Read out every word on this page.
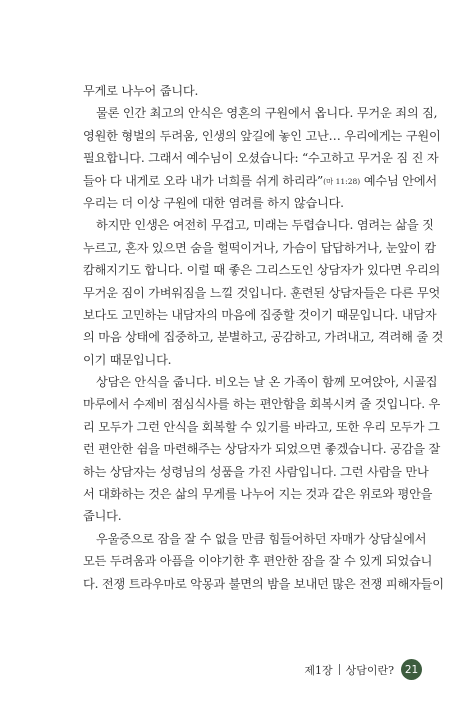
무게로 나누어 줍니다.
물론 인간 최고의 안식은 영혼의 구원에서 옵니다. 무거운 죄의 짐,
영원한 형벌의 두려움, 인생의 앞길에 놓인 고난… 우리에게는 구원이
필요합니다. 그래서 예수님이 오셨습니다: “수고하고 무거운 짐 진 자
들아 다 내게로 오라 내가 너희를 쉬게 하리라”(마 11:28) 예수님 안에서
우리는 더 이상 구원에 대한 염려를 하지 않습니다.
하지만 인생은 여전히 무겁고, 미래는 두렵습니다. 염려는 삶을 짓
누르고, 혼자 있으면 숨을 헐떡이거나, 가슴이 답답하거나, 눈앞이 캄
캄해지기도 합니다. 이럴 때 좋은 그리스도인 상담자가 있다면 우리의
무거운 짐이 가벼워짐을 느낄 것입니다. 훈련된 상담자들은 다른 무엇
보다도 고민하는 내담자의 마음에 집중할 것이기 때문입니다. 내담자
의 마음 상태에 집중하고, 분별하고, 공감하고, 가려내고, 격려해 줄 것
이기 때문입니다.
상담은 안식을 줍니다. 비오는 날 온 가족이 함께 모여앉아, 시골집
마루에서 수제비 점심식사를 하는 편안함을 회복시켜 줄 것입니다. 우
리 모두가 그런 안식을 회복할 수 있기를 바라고, 또한 우리 모두가 그
런 편안한 쉼을 마련해주는 상담자가 되었으면 좋겠습니다. 공감을 잘
하는 상담자는 성령님의 성품을 가진 사람입니다. 그런 사람을 만나
서 대화하는 것은 삶의 무게를 나누어 지는 것과 같은 위로와 평안을
줍니다.
우울증으로 잠을 잘 수 없을 만큼 힘들어하던 자매가 상담실에서
모든 두려움과 아픔을 이야기한 후 편안한 잠을 잘 수 있게 되었습니
다. 전쟁 트라우마로 악몽과 불면의 밤을 보내던 많은 전쟁 피해자들이
제1장 상담이란?	21
